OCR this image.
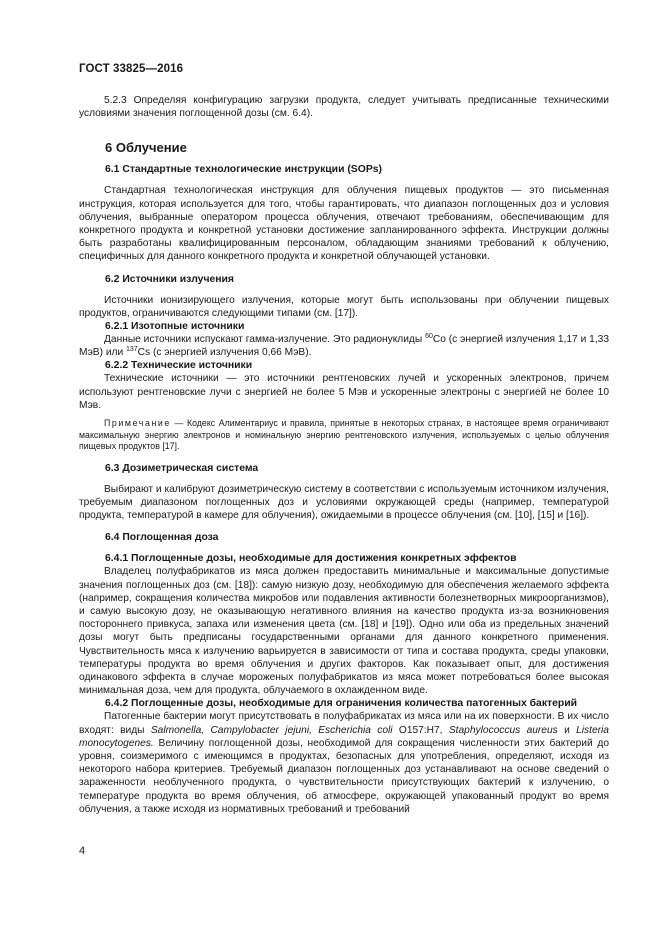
ГОСТ 33825—2016

5.2.3 Определяя конфигурацию загрузки продукта, следует учитывать предписанные техническими условиями значения поглощенной дозы (см. 6.4).

6 Облучение
6.1 Стандартные технологические инструкции (SOPs)

Стандартная технологическая инструкция для облучения пищевых продуктов — это письменная инструкция, которая используется для того, чтобы гарантировать, что диапазон поглощенных доз и условия облучения, выбранные оператором процесса облучения, отвечают требованиям, обеспечивающим для конкретного продукта и конкретной установки достижение запланированного эффекта. Инструкции должны быть разработаны квалифицированным персоналом, обладающим знаниями требований к облучению, специфичных для данного конкретного продукта и конкретной облучающей установки.

6.2 Источники излучения

Источники ионизирующего излучения, которые могут быть использованы при облучении пищевых продуктов, ограничиваются следующими типами (см. [17]).

6.2.1 Изотопные источники

Данные источники испускают гамма-излучение. Это радионуклиды $^{60}$Co (с энергией излучения 1,17 и 1,33 МэВ) или $^{137}$Cs (с энергией излучения 0,66 МэВ).

6.2.2 Технические источники

Технические источники — это источники рентгеновских лучей и ускоренных электронов, причем используют рентгеновские лучи с энергией не более 5 Мэв и ускоренные электроны с энергией не более 10 Мэв.

Примечание — Кодекс Алиментариус и правила, принятые в некоторых странах, в настоящее время ограничивают максимальную энергию электронов и номинальную энергию рентгеновского излучения, используемых с целью облучения пищевых продуктов [17].
6.3 Дозиметрическая система

Выбирают и калибруют дозиметрическую систему в соответствии с используемым источником излучения, требуемым диапазоном поглощенных доз и условиями окружающей среды (например, температурой продукта, температурой в камере для облучения), ожидаемыми в процессе облучения (см. [10], [15] и [16]).

6.4 Поглощенная доза
6.4.1 Поглощенные дозы, необходимые для достижения конкретных эффектов

Владелец полуфабрикатов из мяса должен предоставить минимальные и максимальные допустимые значения поглощенных доз (см. [18]): самую низкую дозу, необходимую для обеспечения желаемого эффекта (например, сокращения количества микробов или подавления активности болезнетворных микроорганизмов), и самую высокую дозу, не оказывающую негативного влияния на качество продукта из-за возникновения постороннего привкуса, запаха или изменения цвета (см. [18] и [19]). Одно или оба из предельных значений дозы могут быть предписаны государственными органами для данного конкретного применения. Чувствительность мяса к излучению варьируется в зависимости от типа и состава продукта, среды упаковки, температуры продукта во время облучения и других факторов. Как показывает опыт, для достижения одинакового эффекта в случае мороженых полуфабрикатов из мяса может потребоваться более высокая минимальная доза, чем для продукта, облучаемого в охлажденном виде.

6.4.2 Поглощенные дозы, необходимые для ограничения количества патогенных бактерий

Патогенные бактерии могут присутствовать в полуфабрикатах из мяса или на их поверхности. В их число входят: виды Salmonella, Campylobacter jejuni, Escherichia coli O157:H7, Staphylococcus aureus и Listeria monocytogenes. Величину поглощенной дозы, необходимой для сокращения численности этих бактерий до уровня, соизмеримого с имеющимся в продуктах, безопасных для употребления, определяют, исходя из некоторого набора критериев. Требуемый диапазон поглощенных доз устанавливают на основе сведений о зараженности необлученного продукта, о чувствительности присутствующих бактерий к излучению, о температуре продукта во время облучения, об атмосфере, окружающей упакованный продукт во время облучения, а также исходя из нормативных требований и требований

4
